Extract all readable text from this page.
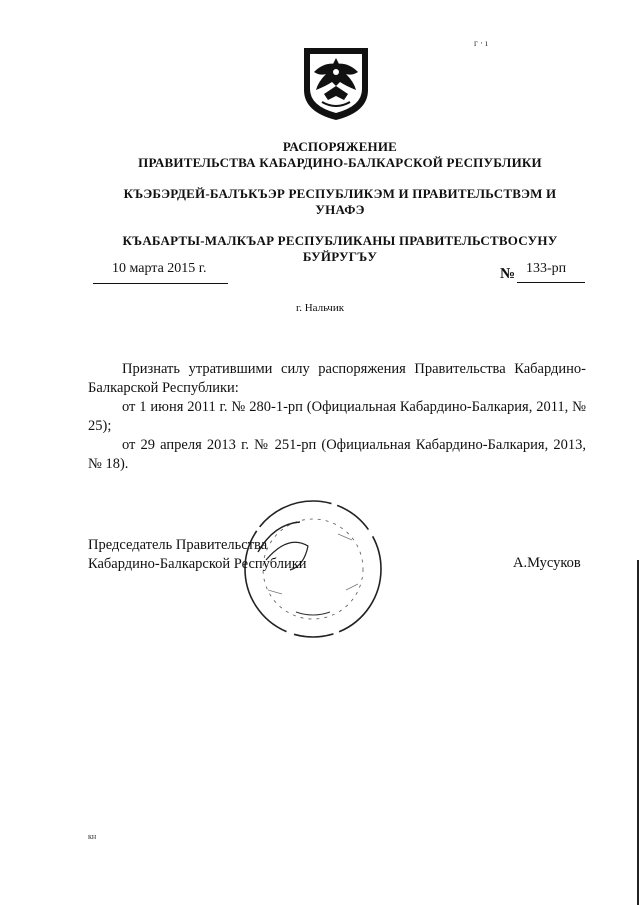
г · ı
РАСПОРЯЖЕНИЕ
ПРАВИТЕЛЬСТВА КАБАРДИНО-БАЛКАРСКОЙ РЕСПУБЛИКИ
КЪЭБЭРДЕЙ-БАЛЪКЪЭР РЕСПУБЛИКЭМ И ПРАВИТЕЛЬСТВЭМ И
УНАФЭ
КЪАБАРТЫ-МАЛКЪАР РЕСПУБЛИКАНЫ ПРАВИТЕЛЬСТВОСУНУ
БУЙРУГЪУ
10 марта 2015 г.	№ 133-рп
г. Нальчик

Признать утратившими силу распоряжения Правительства Кабардино-Балкарской Республики:

от 1 июня 2011 г. № 280-1-рп (Официальная Кабардино-Балкария, 2011, № 25);

от 29 апреля 2013 г. № 251-рп (Официальная Кабардино-Балкария, 2013, № 18).

Председатель Правительства
Кабардино-Балкарской Республики	А.Мусуков
кн
